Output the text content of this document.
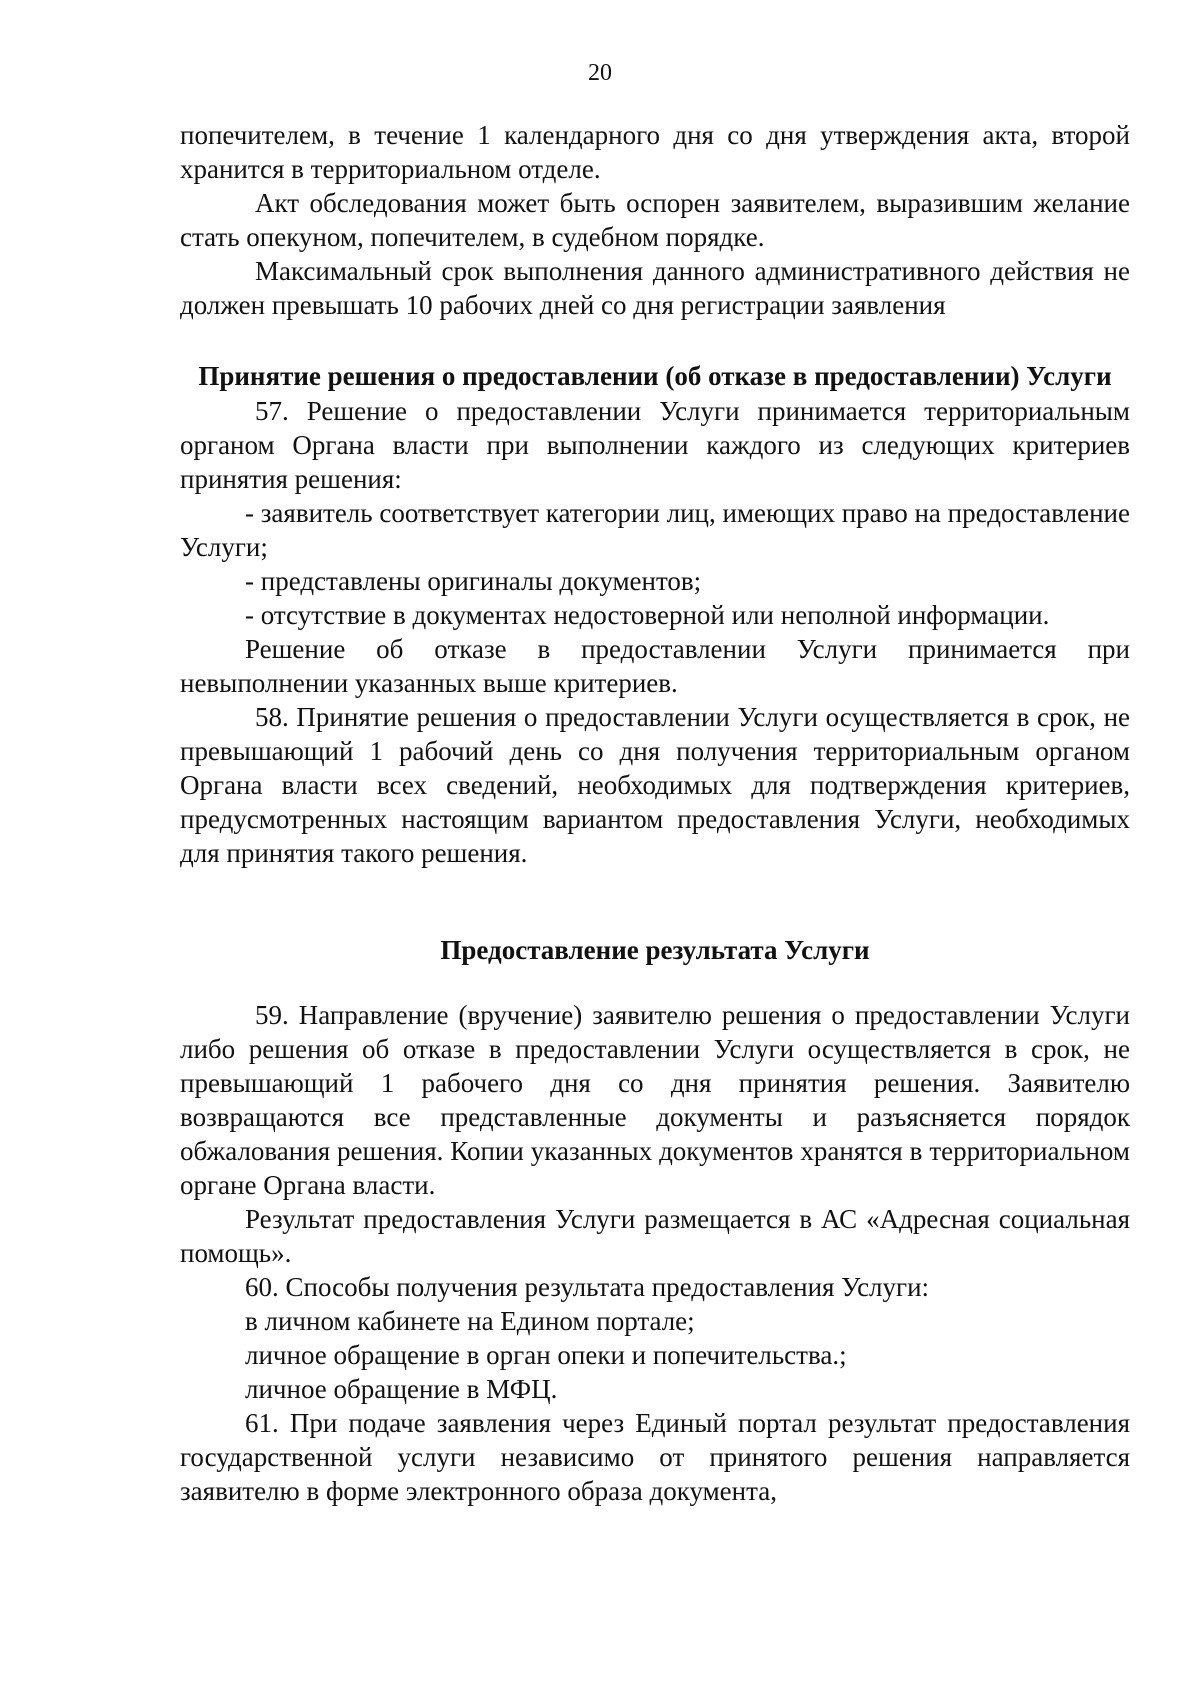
20

попечителем, в течение 1 календарного дня со дня утверждения акта, второй хранится в территориальном отделе.

Акт обследования может быть оспорен заявителем, выразившим желание стать опекуном, попечителем, в судебном порядке.

Максимальный срок выполнения данного административного действия не должен превышать 10 рабочих дней со дня регистрации заявления

Принятие решения о предоставлении (об отказе в предоставлении) Услуги

57. Решение о предоставлении Услуги принимается территориальным органом Органа власти при выполнении каждого из следующих критериев принятия решения:

- заявитель соответствует категории лиц, имеющих право на предоставление Услуги;

- представлены оригиналы документов;

- отсутствие в документах недостоверной или неполной информации.

Решение об отказе в предоставлении Услуги принимается при невыполнении указанных выше критериев.

58. Принятие решения о предоставлении Услуги осуществляется в срок, не превышающий 1 рабочий день со дня получения территориальным органом Органа власти всех сведений, необходимых для подтверждения критериев, предусмотренных настоящим вариантом предоставления Услуги, необходимых для принятия такого решения.

Предоставление результата Услуги

59. Направление (вручение) заявителю решения о предоставлении Услуги либо решения об отказе в предоставлении Услуги осуществляется в срок, не превышающий 1 рабочего дня со дня принятия решения. Заявителю возвращаются все представленные документы и разъясняется порядок обжалования решения. Копии указанных документов хранятся в территориальном органе Органа власти.

Результат предоставления Услуги размещается в АС «Адресная социальная помощь».

60. Способы получения результата предоставления Услуги:

в личном кабинете на Едином портале;

личное обращение в орган опеки и попечительства.;

личное обращение в МФЦ.

61. При подаче заявления через Единый портал результат предоставления государственной услуги независимо от принятого решения направляется заявителю в форме электронного образа документа,
